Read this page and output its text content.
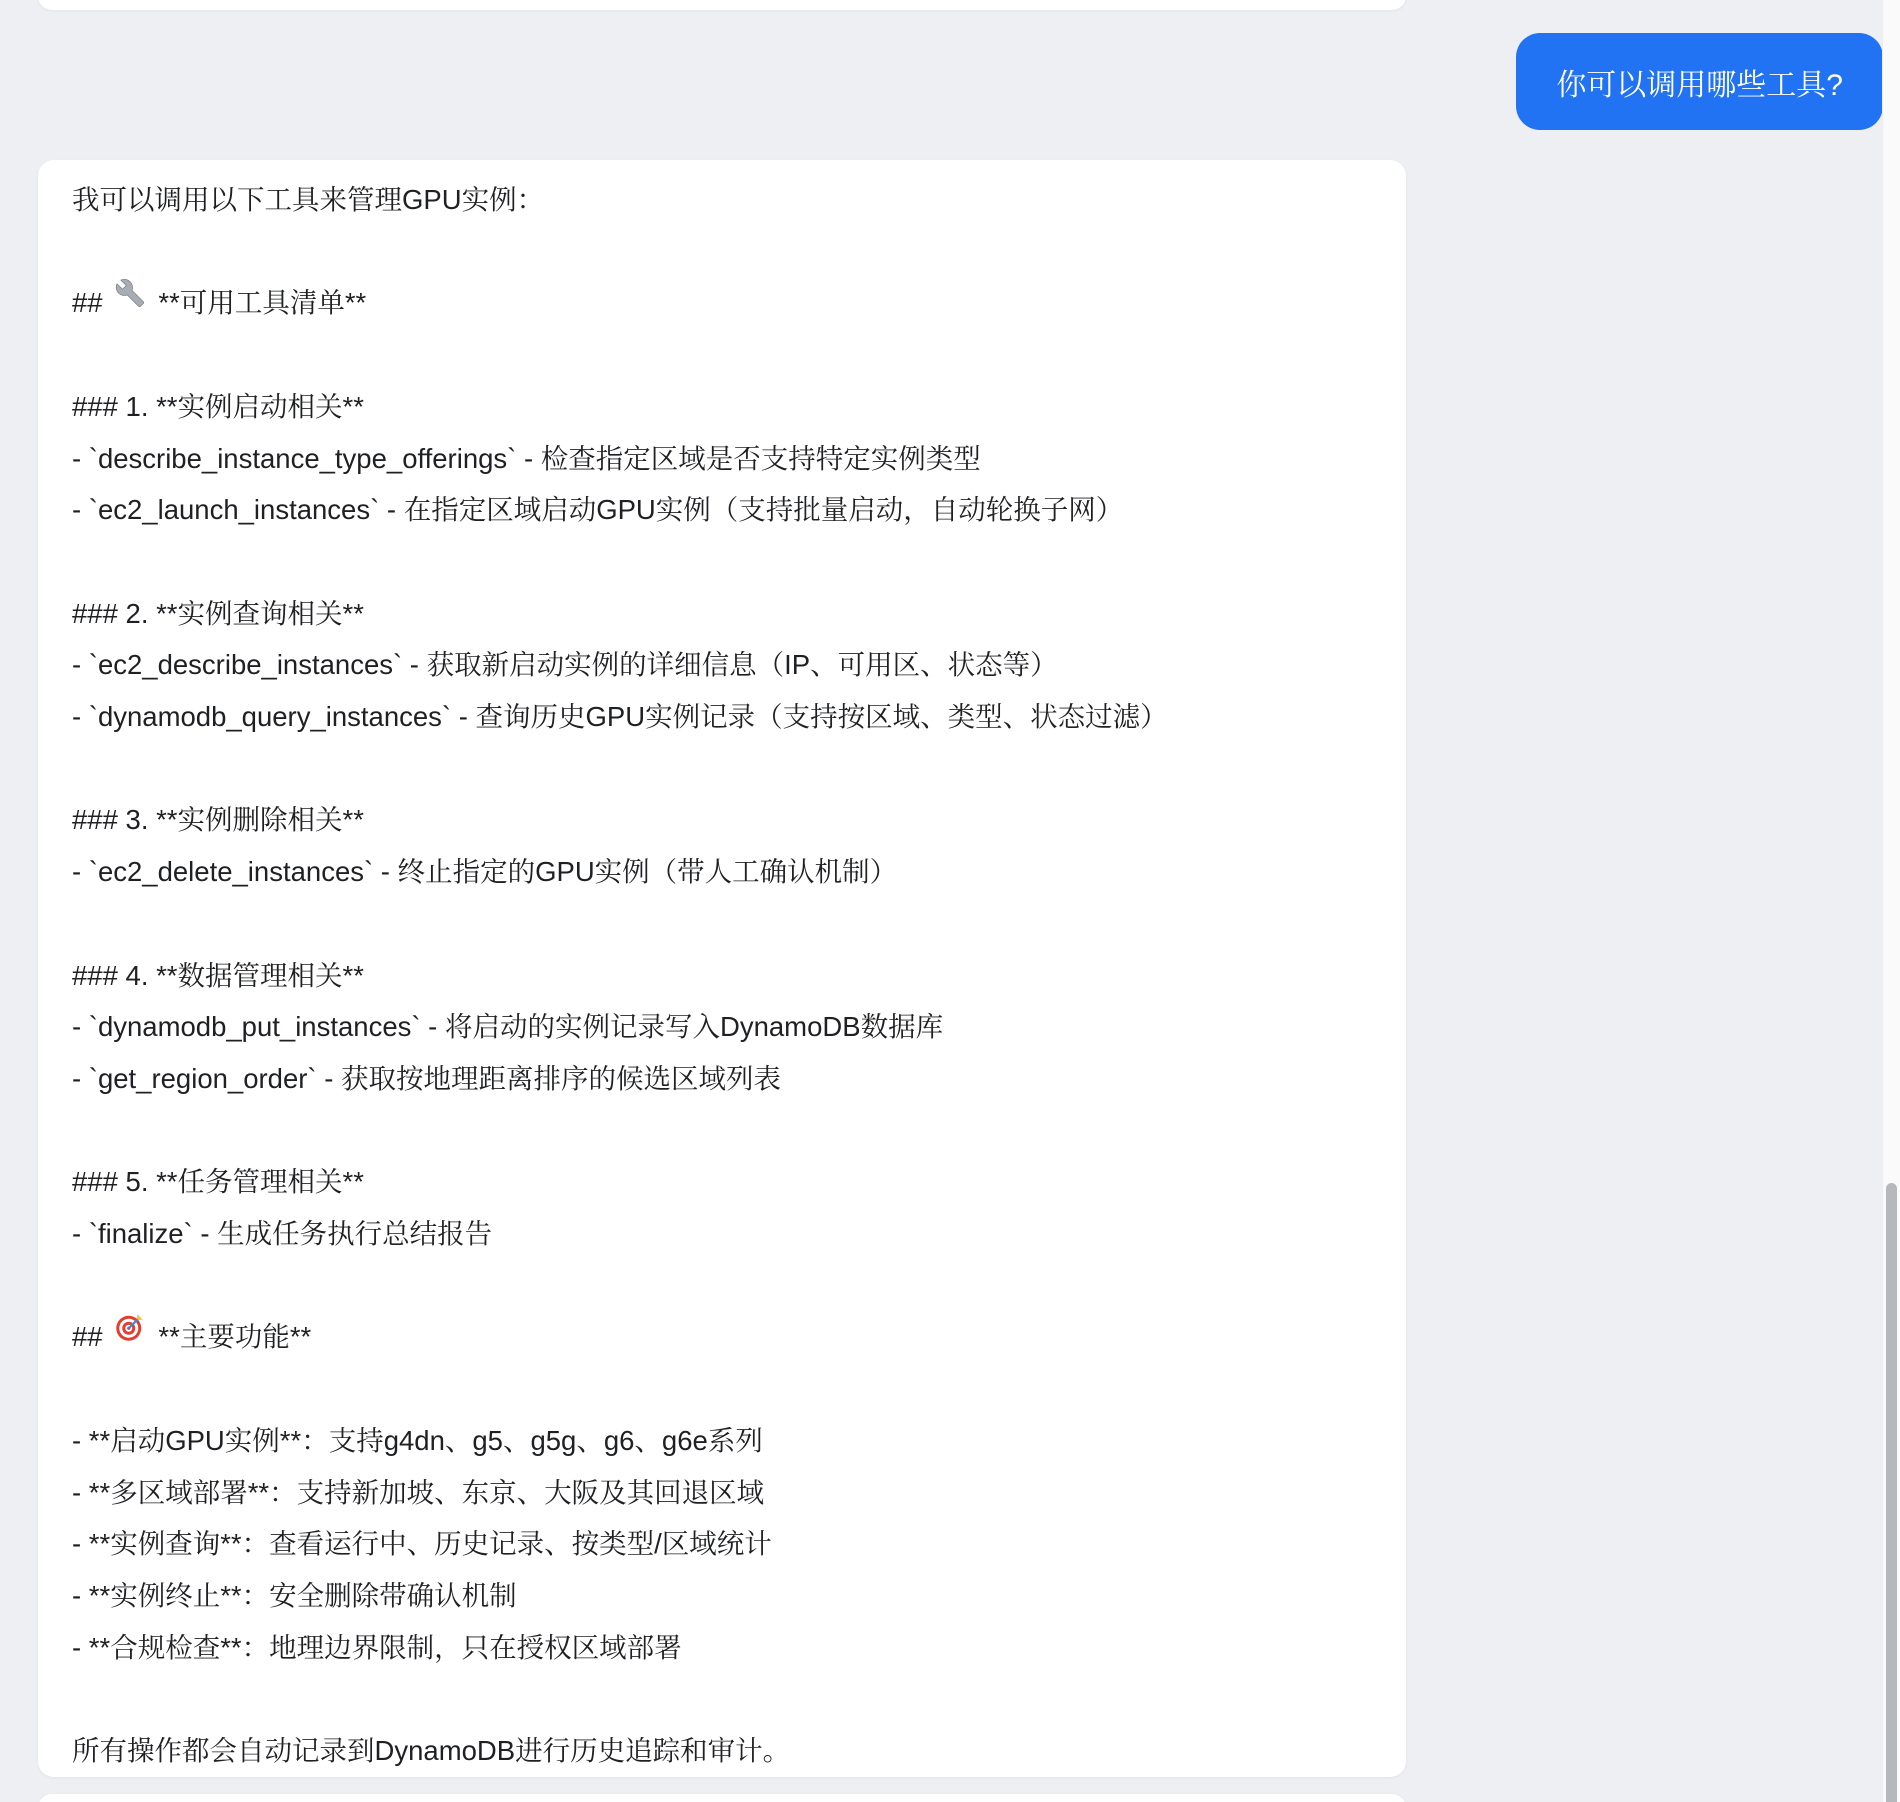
你可以调用哪些工具?
我可以调用以下工具来管理GPU实例：

##

**可用工具清单**

### 1. **实例启动相关**
- `describe_instance_type_offerings` - 检查指定区域是否支持特定实例类型
- `ec2_launch_instances` - 在指定区域启动GPU实例（支持批量启动，自动轮换子网）

### 2. **实例查询相关**
- `ec2_describe_instances` - 获取新启动实例的详细信息（IP、可用区、状态等）
- `dynamodb_query_instances` - 查询历史GPU实例记录（支持按区域、类型、状态过滤）

### 3. **实例删除相关**
- `ec2_delete_instances` - 终止指定的GPU实例（带人工确认机制）

### 4. **数据管理相关**
- `dynamodb_put_instances` - 将启动的实例记录写入DynamoDB数据库
- `get_region_order` - 获取按地理距离排序的候选区域列表

### 5. **任务管理相关**
- `finalize` - 生成任务执行总结报告

##

**主要功能**

- **启动GPU实例**：支持g4dn、g5、g5g、g6、g6e系列
- **多区域部署**：支持新加坡、东京、大阪及其回退区域
- **实例查询**：查看运行中、历史记录、按类型/区域统计
- **实例终止**：安全删除带确认机制
- **合规检查**：地理边界限制，只在授权区域部署

所有操作都会自动记录到DynamoDB进行历史追踪和审计。
